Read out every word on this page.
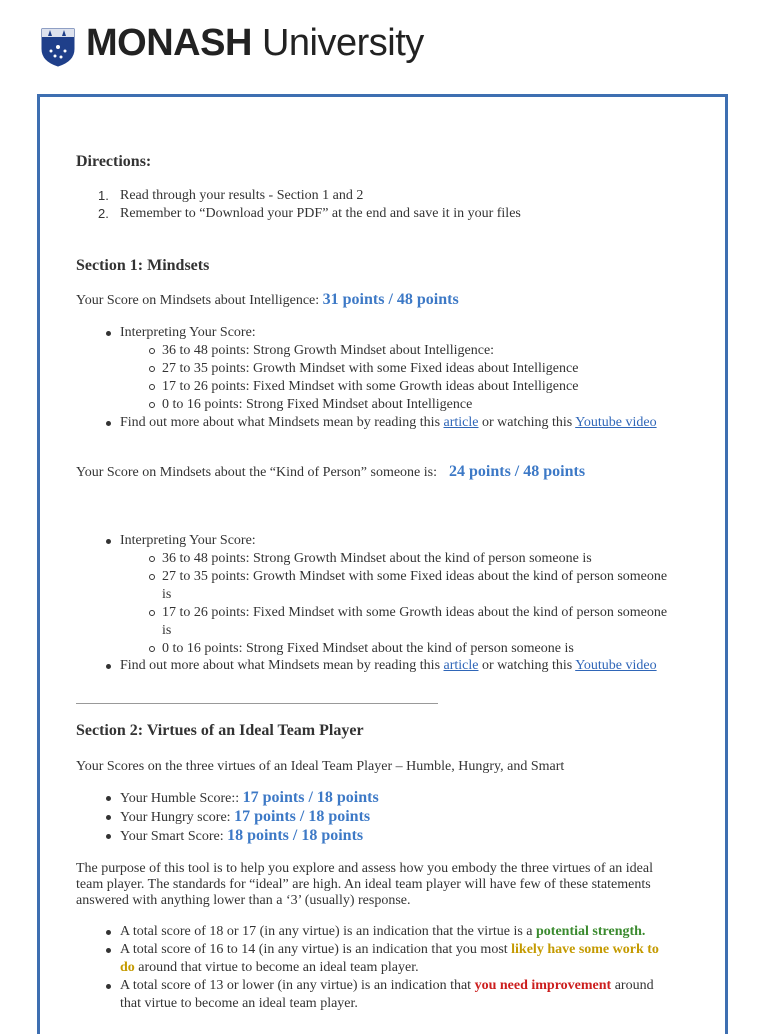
MONASH University
Directions:
1. Read through your results - Section 1 and 2
2. Remember to “Download your PDF” at the end and save it in your files
Section 1: Mindsets

Your Score on Mindsets about Intelligence: 31 points / 48 points

Interpreting Your Score:
36 to 48 points: Strong Growth Mindset about Intelligence:
27 to 35 points: Growth Mindset with some Fixed ideas about Intelligence
17 to 26 points: Fixed Mindset with some Growth ideas about Intelligence
0 to 16 points: Strong Fixed Mindset about Intelligence
Find out more about what Mindsets mean by reading this article or watching this Youtube video

Your Score on Mindsets about the “Kind of Person” someone is: 24 points / 48 points

Interpreting Your Score:
36 to 48 points: Strong Growth Mindset about the kind of person someone is
27 to 35 points: Growth Mindset with some Fixed ideas about the kind of person someone
is
17 to 26 points: Fixed Mindset with some Growth ideas about the kind of person someone
is
0 to 16 points: Strong Fixed Mindset about the kind of person someone is
Find out more about what Mindsets mean by reading this article or watching this Youtube video
Section 2: Virtues of an Ideal Team Player

Your Scores on the three virtues of an Ideal Team Player – Humble, Hungry, and Smart

Your Humble Score:: 17 points / 18 points
Your Hungry score: 17 points / 18 points
Your Smart Score: 18 points / 18 points

The purpose of this tool is to help you explore and assess how you embody the three virtues of an ideal
team player. The standards for “ideal” are high. An ideal team player will have few of these statements
answered with anything lower than a ‘3’ (usually) response.

A total score of 18 or 17 (in any virtue) is an indication that the virtue is a potential strength.
A total score of 16 to 14 (in any virtue) is an indication that you most likely have some work to
do around that virtue to become an ideal team player.
A total score of 13 or lower (in any virtue) is an indication that you need improvement around
that virtue to become an ideal team player.
